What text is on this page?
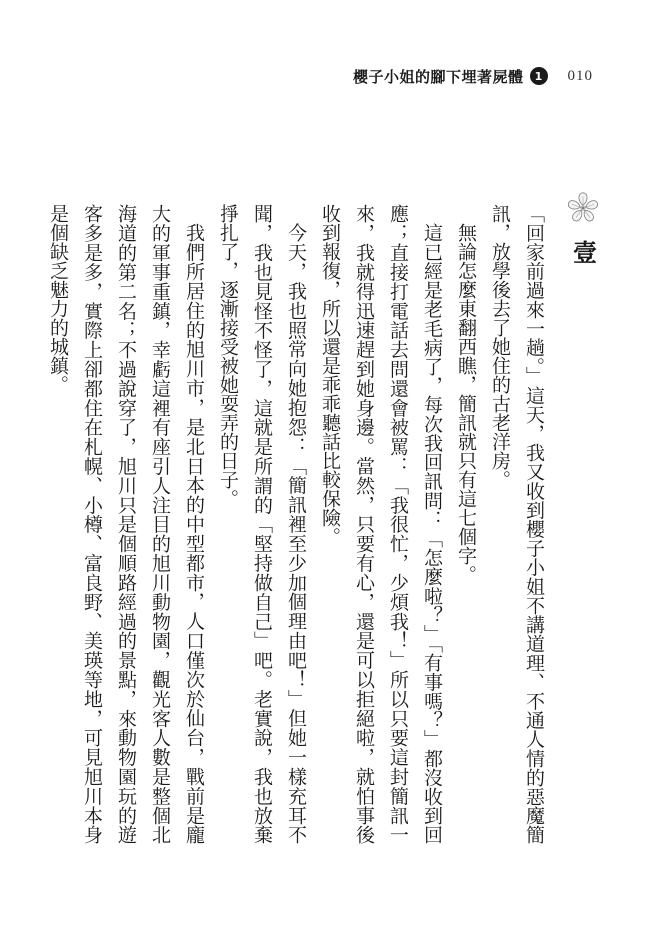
櫻子小姐的腳下埋著屍體	1	010
壹

「回家前過來一趟。」這天，我又收到櫻子小姐不講道理、不通人情的惡魔簡訊，放學後去了她住的古老洋房。

無論怎麼東翻西瞧，簡訊就只有這七個字。

這已經是老毛病了，每次我回訊問：「怎麼啦？」「有事嗎？」都沒收到回應；直接打電話去問還會被罵：「我很忙，少煩我！」所以只要這封簡訊一來，我就得迅速趕到她身邊。當然，只要有心，還是可以拒絕啦，就怕事後收到報復，所以還是乖乖聽話比較保險。

今天，我也照常向她抱怨：「簡訊裡至少加個理由吧！」但她一樣充耳不聞，我也見怪不怪了，這就是所謂的「堅持做自己」吧。老實說，我也放棄掙扎了，逐漸接受被她耍弄的日子。

我們所居住的旭川市，是北日本的中型都市，人口僅次於仙台，戰前是龐大的軍事重鎮，幸虧這裡有座引人注目的旭川動物園，觀光客人數是整個北海道的第二名；不過說穿了，旭川只是個順路經過的景點，來動物園玩的遊客多是多，實際上卻都住在札幌、小樽、富良野、美瑛等地，可見旭川本身是個缺乏魅力的城鎮。
